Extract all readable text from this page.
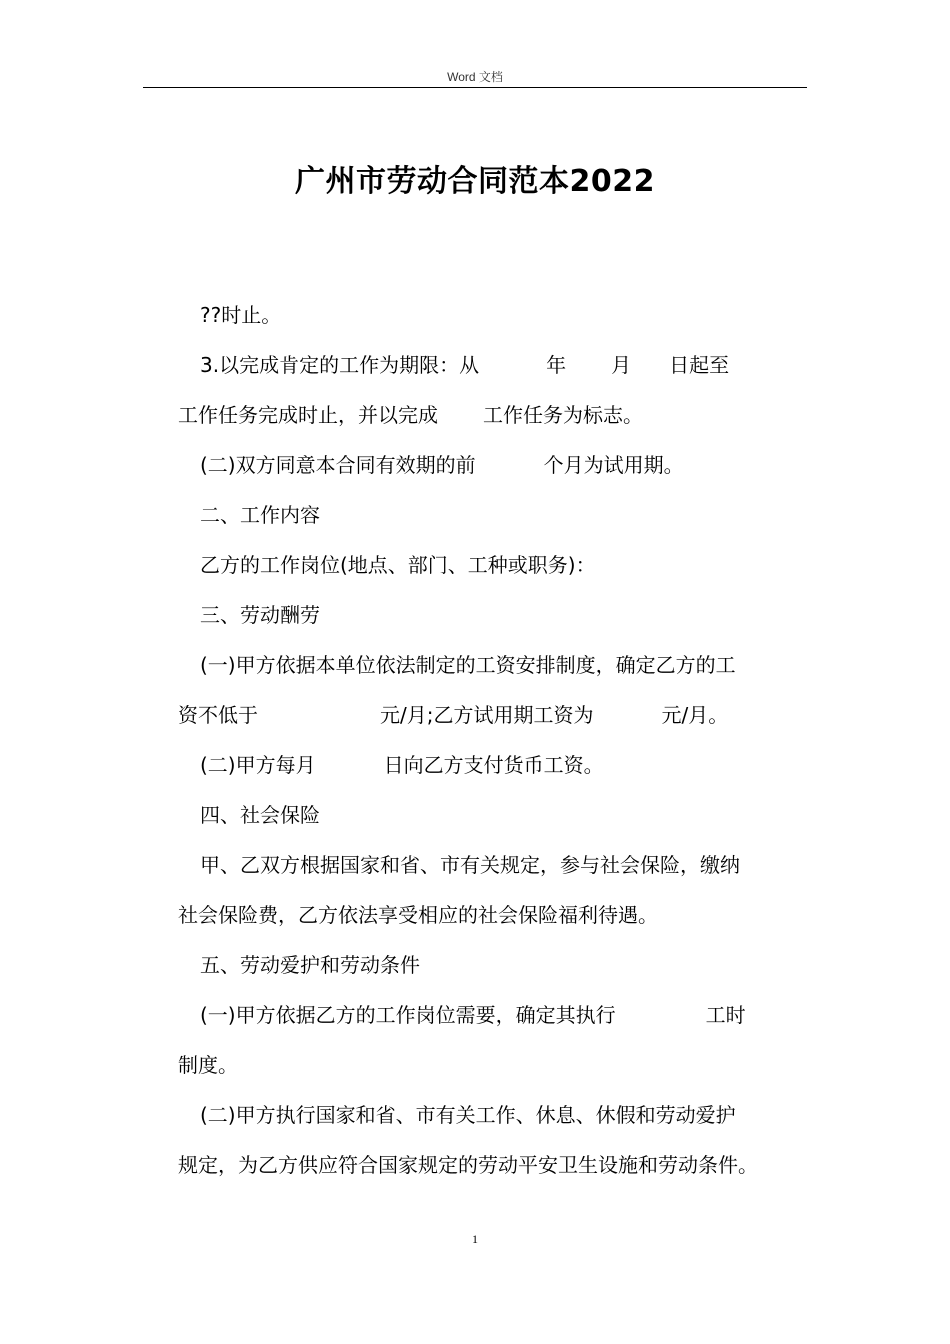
Word 文档
广州市劳动合同范本2022
??时止。
3.以完成肯定的工作为期限：从	年 月 日起至
工作任务完成时止，并以完成 工作任务为标志。
(二)双方同意本合同有效期的前	个月为试用期。
二、工作内容
乙方的工作岗位(地点、部门、工种或职务)：
三、劳动酬劳
(一)甲方依据本单位依法制定的工资安排制度，确定乙方的工
资不低于	元/月;乙方试用期工资为	元/月。
(二)甲方每月	日向乙方支付货币工资。
四、社会保险
甲、乙双方根据国家和省、市有关规定，参与社会保险，缴纳
社会保险费，乙方依法享受相应的社会保险福利待遇。
五、劳动爱护和劳动条件
(一)甲方依据乙方的工作岗位需要，确定其执行	工时
制度。
(二)甲方执行国家和省、市有关工作、休息、休假和劳动爱护
规定，为乙方供应符合国家规定的劳动平安卫生设施和劳动条件。
1
